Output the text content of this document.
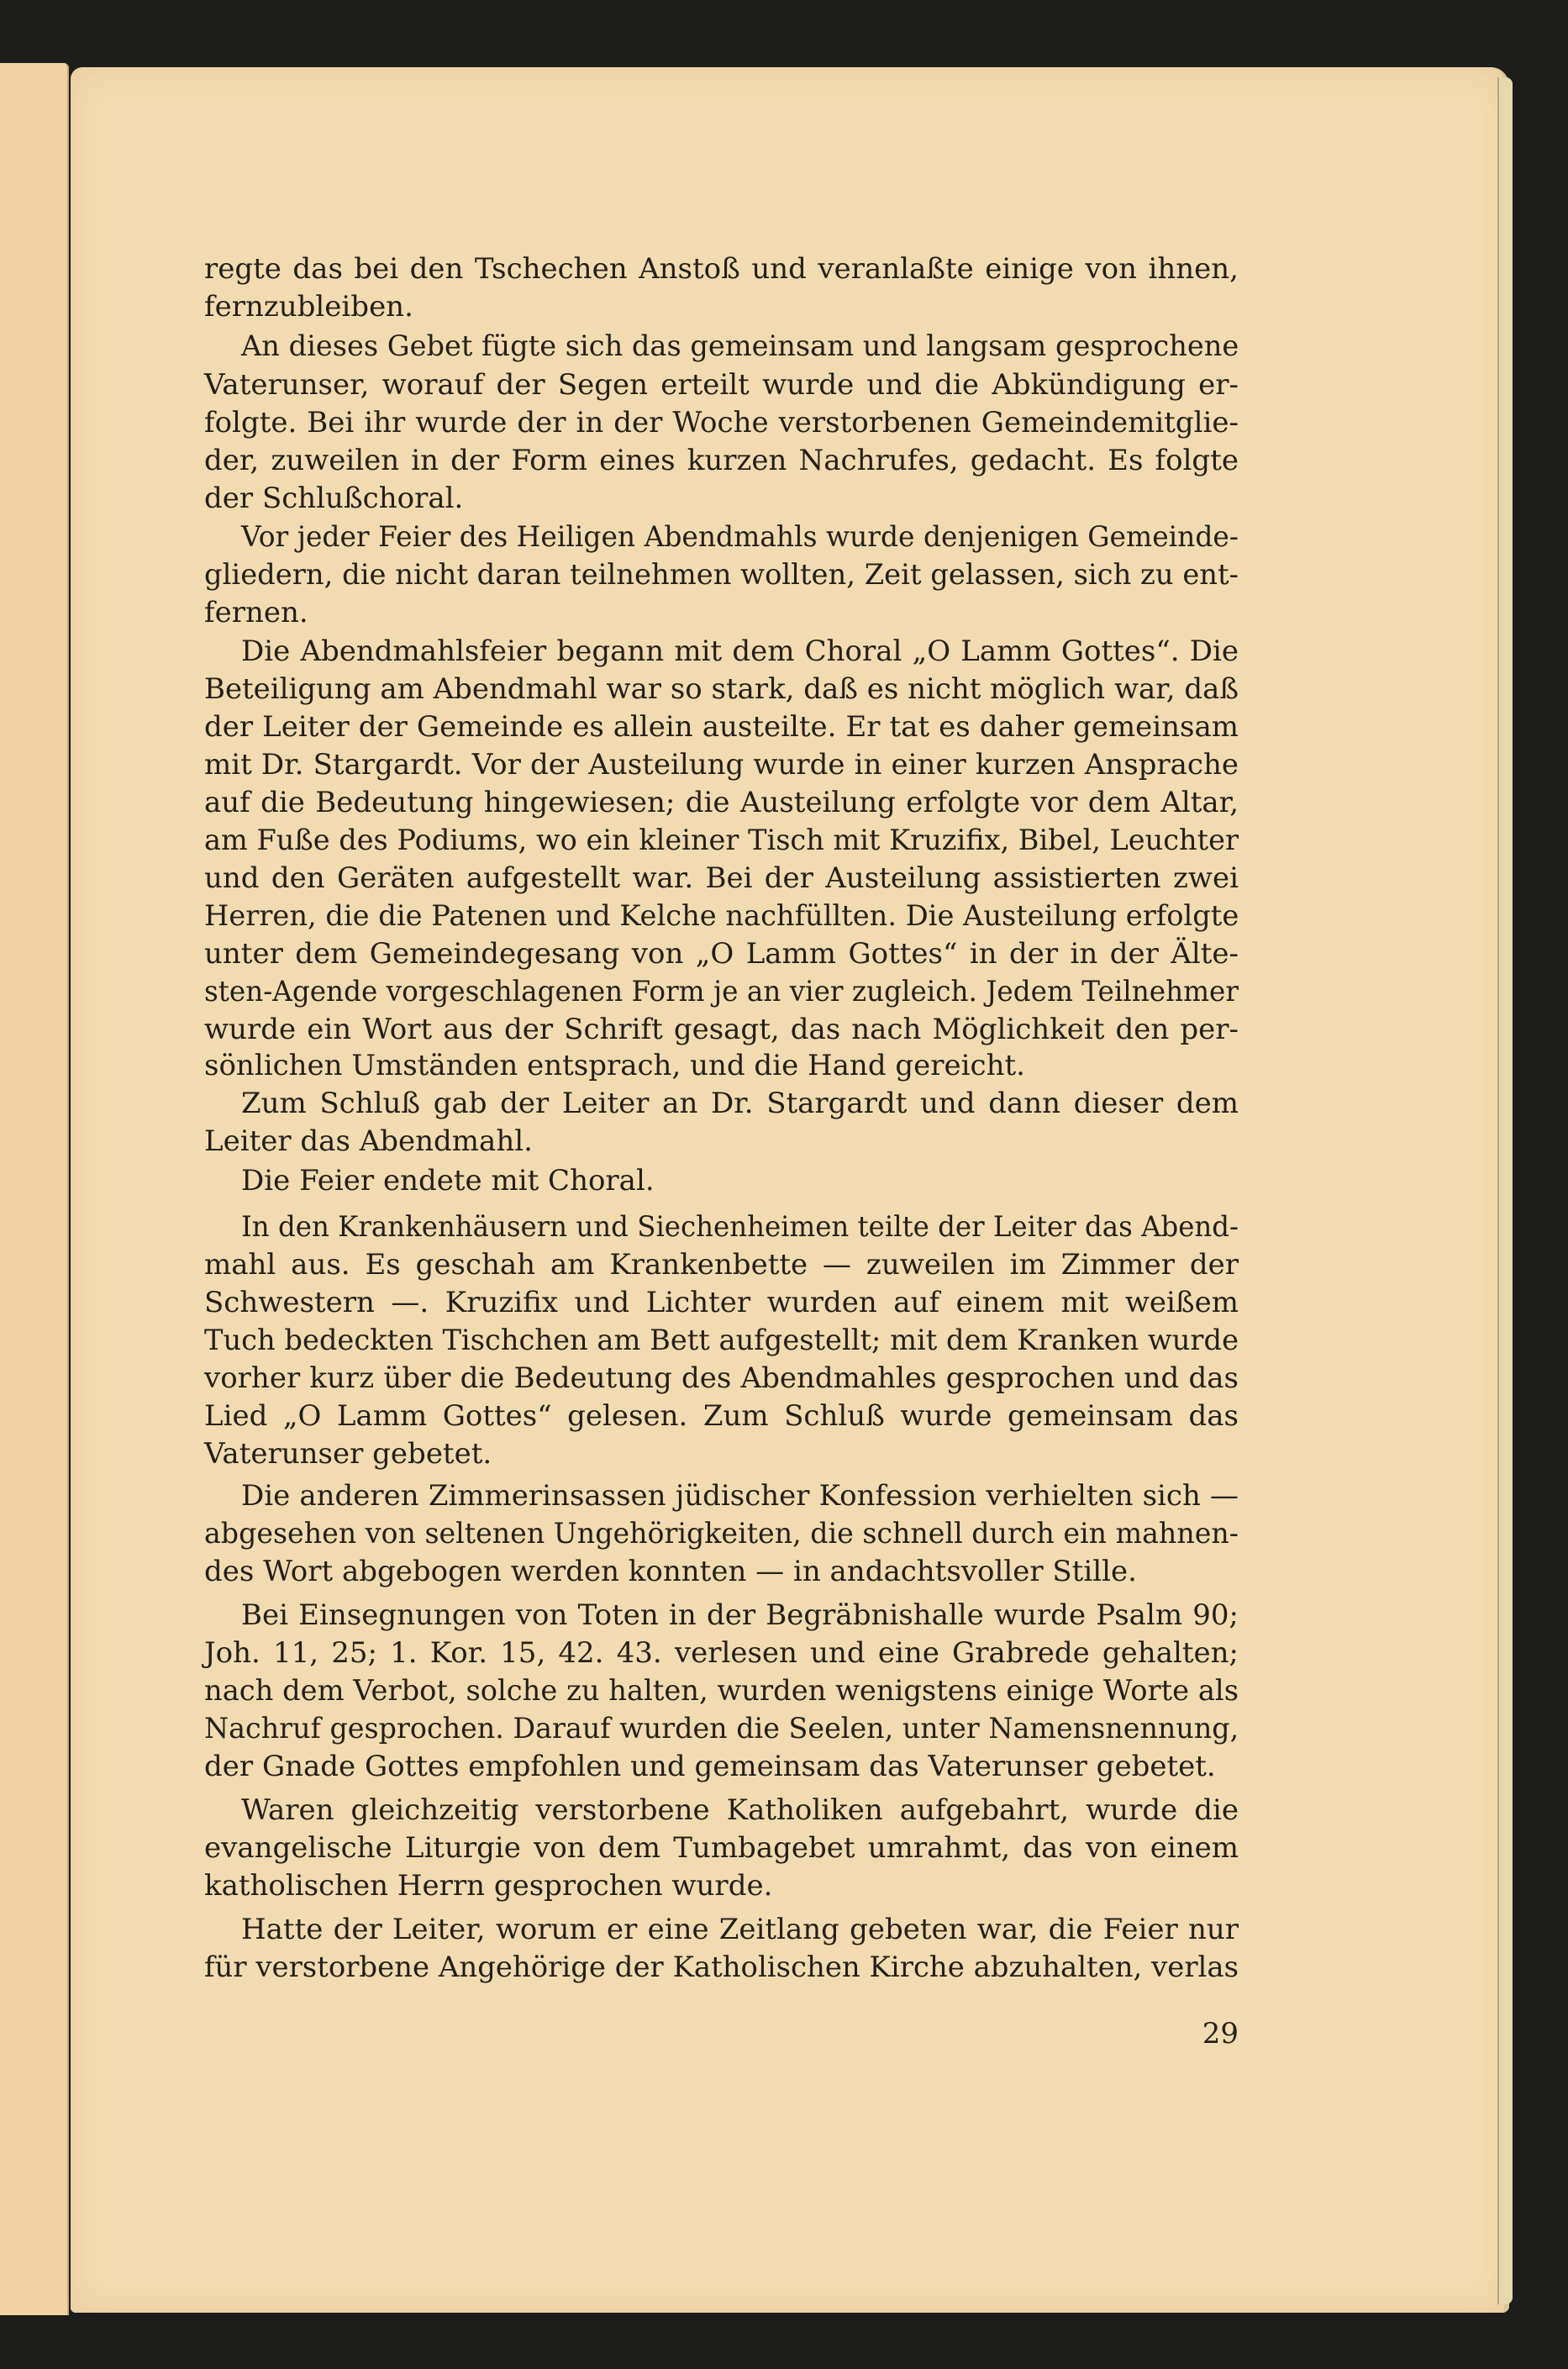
regte das bei den Tschechen Anstoß und veranlaßte einige von ihnen,
fernzubleiben.
An dieses Gebet fügte sich das gemeinsam und langsam gesprochene
Vaterunser, worauf der Segen erteilt wurde und die Abkündigung er-
folgte. Bei ihr wurde der in der Woche verstorbenen Gemeindemitglie-
der, zuweilen in der Form eines kurzen Nachrufes, gedacht. Es folgte
der Schlußchoral.
Vor jeder Feier des Heiligen Abendmahls wurde denjenigen Gemeinde-
gliedern, die nicht daran teilnehmen wollten, Zeit gelassen, sich zu ent-
fernen.
Die Abendmahlsfeier begann mit dem Choral „O Lamm Gottes“. Die
Beteiligung am Abendmahl war so stark, daß es nicht möglich war, daß
der Leiter der Gemeinde es allein austeilte. Er tat es daher gemeinsam
mit Dr. Stargardt. Vor der Austeilung wurde in einer kurzen Ansprache
auf die Bedeutung hingewiesen; die Austeilung erfolgte vor dem Altar,
am Fuße des Podiums, wo ein kleiner Tisch mit Kruzifix, Bibel, Leuchter
und den Geräten aufgestellt war. Bei der Austeilung assistierten zwei
Herren, die die Patenen und Kelche nachfüllten. Die Austeilung erfolgte
unter dem Gemeindegesang von „O Lamm Gottes“ in der in der Älte-
sten-Agende vorgeschlagenen Form je an vier zugleich. Jedem Teilnehmer
wurde ein Wort aus der Schrift gesagt, das nach Möglichkeit den per-
sönlichen Umständen entsprach, und die Hand gereicht.
Zum Schluß gab der Leiter an Dr. Stargardt und dann dieser dem
Leiter das Abendmahl.
Die Feier endete mit Choral.
In den Krankenhäusern und Siechenheimen teilte der Leiter das Abend-
mahl aus. Es geschah am Krankenbette — zuweilen im Zimmer der
Schwestern —. Kruzifix und Lichter wurden auf einem mit weißem
Tuch bedeckten Tischchen am Bett aufgestellt; mit dem Kranken wurde
vorher kurz über die Bedeutung des Abendmahles gesprochen und das
Lied „O Lamm Gottes“ gelesen. Zum Schluß wurde gemeinsam das
Vaterunser gebetet.
Die anderen Zimmerinsassen jüdischer Konfession verhielten sich —
abgesehen von seltenen Ungehörigkeiten, die schnell durch ein mahnen-
des Wort abgebogen werden konnten — in andachtsvoller Stille.
Bei Einsegnungen von Toten in der Begräbnishalle wurde Psalm 90;
Joh. 11, 25; 1. Kor. 15, 42. 43. verlesen und eine Grabrede gehalten;
nach dem Verbot, solche zu halten, wurden wenigstens einige Worte als
Nachruf gesprochen. Darauf wurden die Seelen, unter Namensnennung,
der Gnade Gottes empfohlen und gemeinsam das Vaterunser gebetet.
Waren gleichzeitig verstorbene Katholiken aufgebahrt, wurde die
evangelische Liturgie von dem Tumbagebet umrahmt, das von einem
katholischen Herrn gesprochen wurde.
Hatte der Leiter, worum er eine Zeitlang gebeten war, die Feier nur
für verstorbene Angehörige der Katholischen Kirche abzuhalten, verlas
29
